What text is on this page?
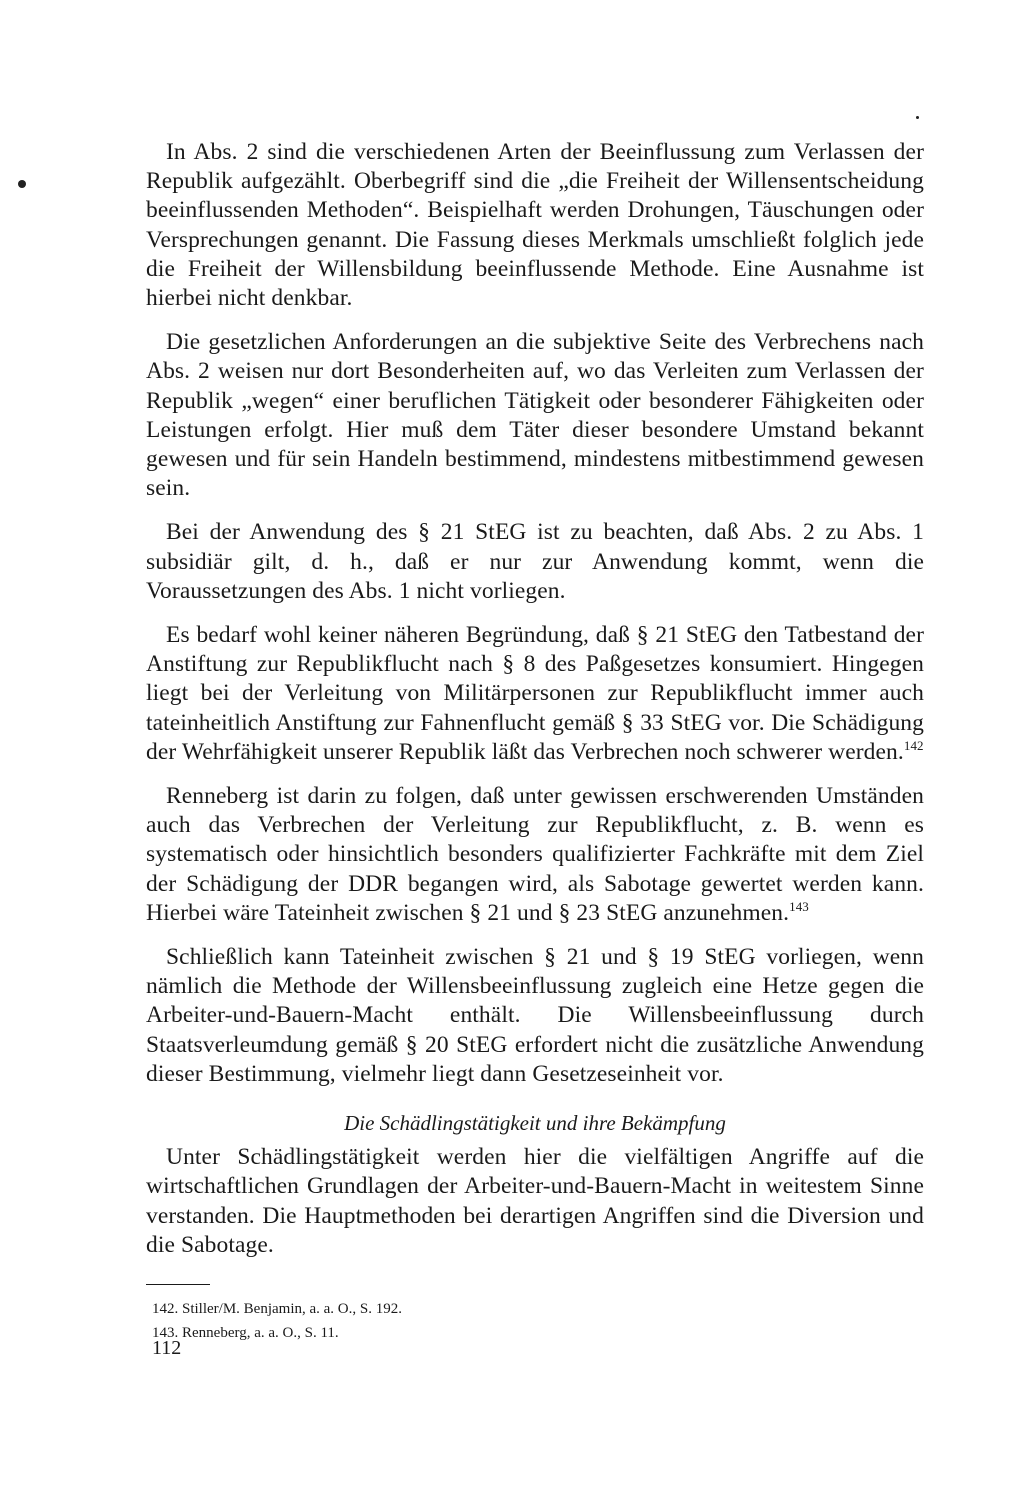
In Abs. 2 sind die verschiedenen Arten der Beeinflussung zum Verlassen der Republik aufgezählt. Oberbegriff sind die „die Freiheit der Willensentscheidung beeinflussenden Methoden“. Beispielhaft werden Drohungen, Täuschungen oder Versprechungen genannt. Die Fassung dieses Merkmals umschließt folglich jede die Freiheit der Willensbildung beeinflussende Methode. Eine Ausnahme ist hierbei nicht denkbar.

Die gesetzlichen Anforderungen an die subjektive Seite des Verbrechens nach Abs. 2 weisen nur dort Besonderheiten auf, wo das Verleiten zum Verlassen der Republik „wegen“ einer beruflichen Tätigkeit oder besonderer Fähigkeiten oder Leistungen erfolgt. Hier muß dem Täter dieser besondere Umstand bekannt gewesen und für sein Handeln bestimmend, mindestens mitbestimmend gewesen sein.

Bei der Anwendung des § 21 StEG ist zu beachten, daß Abs. 2 zu Abs. 1 subsidiär gilt, d. h., daß er nur zur Anwendung kommt, wenn die Voraussetzungen des Abs. 1 nicht vorliegen.

Es bedarf wohl keiner näheren Begründung, daß § 21 StEG den Tatbestand der Anstiftung zur Republikflucht nach § 8 des Paßgesetzes konsumiert. Hingegen liegt bei der Verleitung von Militärpersonen zur Republikflucht immer auch tateinheitlich Anstiftung zur Fahnenflucht gemäß § 33 StEG vor. Die Schädigung der Wehrfähigkeit unserer Republik läßt das Verbrechen noch schwerer werden.$^{142}$

Renneberg ist darin zu folgen, daß unter gewissen erschwerenden Umständen auch das Verbrechen der Verleitung zur Republikflucht, z. B. wenn es systematisch oder hinsichtlich besonders qualifizierter Fachkräfte mit dem Ziel der Schädigung der DDR begangen wird, als Sabotage gewertet werden kann. Hierbei wäre Tateinheit zwischen § 21 und § 23 StEG anzunehmen.$^{143}$

Schließlich kann Tateinheit zwischen § 21 und § 19 StEG vorliegen, wenn nämlich die Methode der Willensbeeinflussung zugleich eine Hetze gegen die Arbeiter-und-Bauern-Macht enthält. Die Willensbeeinflussung durch Staatsverleumdung gemäß § 20 StEG erfordert nicht die zusätzliche Anwendung dieser Bestimmung, vielmehr liegt dann Gesetzeseinheit vor.

Die Schädlingstätigkeit und ihre Bekämpfung

Unter Schädlingstätigkeit werden hier die vielfältigen Angriffe auf die wirtschaftlichen Grundlagen der Arbeiter-und-Bauern-Macht in weitestem Sinne verstanden. Die Hauptmethoden bei derartigen Angriffen sind die Diversion und die Sabotage.

142. Stiller/M. Benjamin, a. a. O., S. 192.
143. Renneberg, a. a. O., S. 11.
112
